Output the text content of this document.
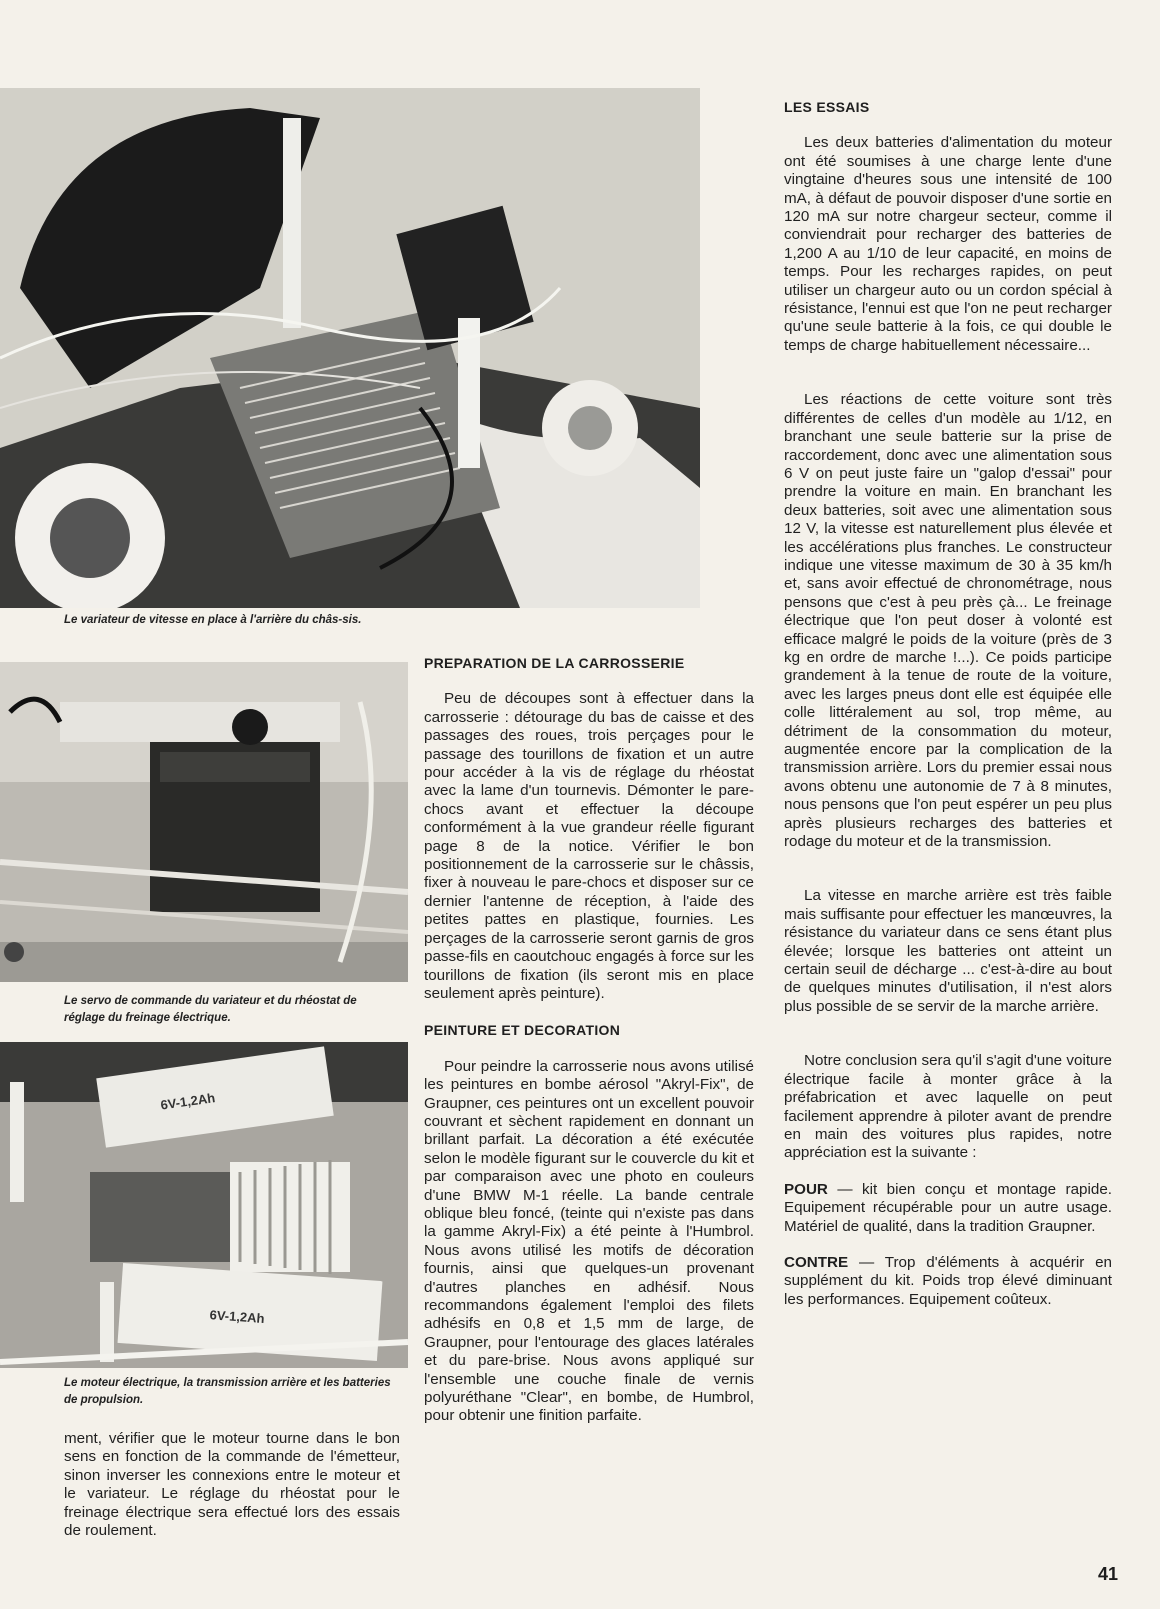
Le variateur de vitesse en place à l'arrière du châs-sis.
Le servo de commande du variateur et du rhéostat de réglage du freinage électrique.
6V-1,2Ah
6V-1,2Ah
Le moteur électrique, la transmission arrière et les batteries de propulsion.

ment, vérifier que le moteur tourne dans le bon sens en fonction de la commande de l'émetteur, sinon inverser les connexions entre le moteur et le variateur. Le réglage du rhéostat pour le freinage électrique sera effectué lors des essais de roulement.

PREPARATION DE LA CARROSSERIE

Peu de découpes sont à effectuer dans la carrosserie : détourage du bas de caisse et des passages des roues, trois perçages pour le passage des tourillons de fixation et un autre pour accéder à la vis de réglage du rhéostat avec la lame d'un tournevis. Démonter le pare-chocs avant et effectuer la découpe conformément à la vue grandeur réelle figurant page 8 de la notice. Vérifier le bon positionnement de la carrosserie sur le châssis, fixer à nouveau le pare-chocs et disposer sur ce dernier l'antenne de réception, à l'aide des petites pattes en plastique, fournies. Les perçages de la carrosserie seront garnis de gros passe-fils en caoutchouc engagés à force sur les tourillons de fixation (ils seront mis en place seulement après peinture).

PEINTURE ET DECORATION

Pour peindre la carrosserie nous avons utilisé les peintures en bombe aérosol "Akryl-Fix", de Graupner, ces peintures ont un excellent pouvoir couvrant et sèchent rapidement en donnant un brillant parfait. La décoration a été exécutée selon le modèle figurant sur le couvercle du kit et par comparaison avec une photo en couleurs d'une BMW M-1 réelle. La bande centrale oblique bleu foncé, (teinte qui n'existe pas dans la gamme Akryl-Fix) a été peinte à l'Humbrol. Nous avons utilisé les motifs de décoration fournis, ainsi que quelques-un provenant d'autres planches en adhésif. Nous recommandons également l'emploi des filets adhésifs en 0,8 et 1,5 mm de large, de Graupner, pour l'entourage des glaces latérales et du pare-brise. Nous avons appliqué sur l'ensemble une couche finale de vernis polyuréthane "Clear", en bombe, de Humbrol, pour obtenir une finition parfaite.

LES ESSAIS

Les deux batteries d'alimentation du moteur ont été soumises à une charge lente d'une vingtaine d'heures sous une intensité de 100 mA, à défaut de pouvoir disposer d'une sortie en 120 mA sur notre chargeur secteur, comme il conviendrait pour recharger des batteries de 1,200 A au 1/10 de leur capacité, en moins de temps. Pour les recharges rapides, on peut utiliser un chargeur auto ou un cordon spécial à résistance, l'ennui est que l'on ne peut recharger qu'une seule batterie à la fois, ce qui double le temps de charge habituellement nécessaire...

Les réactions de cette voiture sont très différentes de celles d'un modèle au 1/12, en branchant une seule batterie sur la prise de raccordement, donc avec une alimentation sous 6 V on peut juste faire un "galop d'essai" pour prendre la voiture en main. En branchant les deux batteries, soit avec une alimentation sous 12 V, la vitesse est naturellement plus élevée et les accélérations plus franches. Le constructeur indique une vitesse maximum de 30 à 35 km/h et, sans avoir effectué de chronométrage, nous pensons que c'est à peu près çà... Le freinage électrique que l'on peut doser à volonté est efficace malgré le poids de la voiture (près de 3 kg en ordre de marche !...). Ce poids participe grandement à la tenue de route de la voiture, avec les larges pneus dont elle est équipée elle colle littéralement au sol, trop même, au détriment de la consommation du moteur, augmentée encore par la complication de la transmission arrière. Lors du premier essai nous avons obtenu une autonomie de 7 à 8 minutes, nous pensons que l'on peut espérer un peu plus après plusieurs recharges des batteries et rodage du moteur et de la transmission.

La vitesse en marche arrière est très faible mais suffisante pour effectuer les manœuvres, la résistance du variateur dans ce sens étant plus élevée; lorsque les batteries ont atteint un certain seuil de décharge ... c'est-à-dire au bout de quelques minutes d'utilisation, il n'est alors plus possible de se servir de la marche arrière.

Notre conclusion sera qu'il s'agit d'une voiture électrique facile à monter grâce à la préfabrication et avec laquelle on peut facilement apprendre à piloter avant de prendre en main des voitures plus rapides, notre appréciation est la suivante :

POUR — kit bien conçu et montage rapide. Equipement récupérable pour un autre usage. Matériel de qualité, dans la tradition Graupner.

CONTRE — Trop d'éléments à acquérir en supplément du kit. Poids trop élevé diminuant les performances. Equipement coûteux.

41
